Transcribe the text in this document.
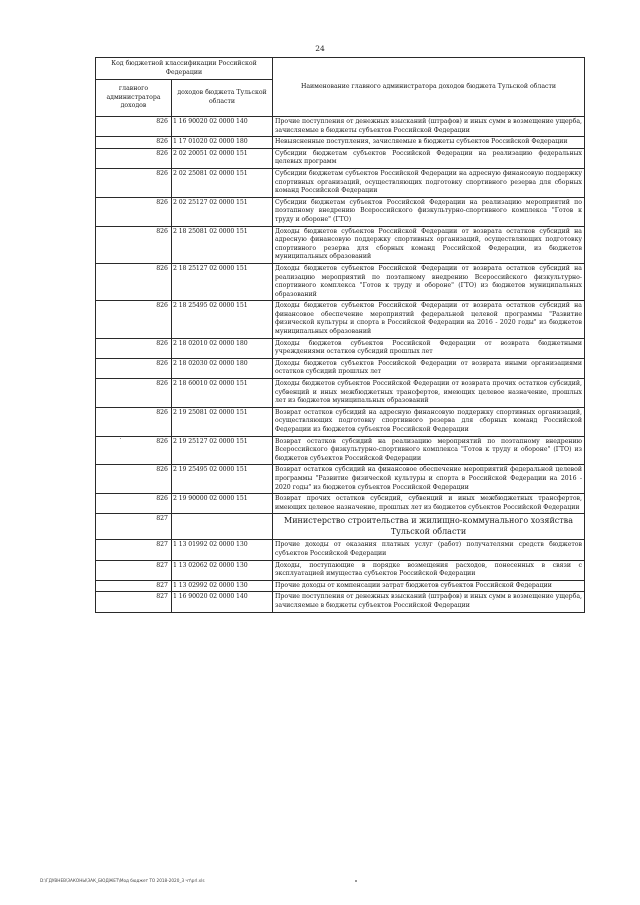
24
Код бюджетной классификации Российской Федерации		Наименование главного администратора доходов бюджета Тульской области
главного администратора доходов	доходов бюджета Тульской области	
826	1 16 90020 02 0000 140	Прочие поступления от денежных взысканий (штрафов) и иных сумм в возмещение ущерба, зачисляемые в бюджеты субъектов Российской Федерации
826	1 17 01020 02 0000 180	Невыясненные поступления, зачисляемые в бюджеты субъектов Российской Федерации
826	2 02 20051 02 0000 151	Субсидии бюджетам субъектов Российской Федерации на реализацию федеральных целевых программ
826	2 02 25081 02 0000 151	Субсидии бюджетам субъектов Российской Федерации на адресную финансовую поддержку спортивных организаций, осуществляющих подготовку спортивного резерва для сборных команд Российской Федерации
826	2 02 25127 02 0000 151	Субсидии бюджетам субъектов Российской Федерации на реализацию мероприятий по поэтапному внедрению Всероссийского физкультурно-спортивного комплекса "Готов к труду и обороне" (ГТО)
826	2 18 25081 02 0000 151	Доходы бюджетов субъектов Российской Федерации от возврата остатков субсидий на адресную финансовую поддержку спортивных организаций, осуществляющих подготовку спортивного резерва для сборных команд Российской Федерации, из бюджетов муниципальных образований
826	2 18 25127 02 0000 151	Доходы бюджетов субъектов Российской Федерации от возврата остатков субсидий на реализацию мероприятий по поэтапному внедрению Всероссийского физкультурно-спортивного комплекса "Готов к труду и обороне" (ГТО) из бюджетов муниципальных образований
826	2 18 25495 02 0000 151	Доходы бюджетов субъектов Российской Федерации от возврата остатков субсидий на финансовое обеспечение мероприятий федеральной целевой программы "Развитие физической культуры и спорта в Российской Федерации на 2016 - 2020 годы" из бюджетов муниципальных образований
826	2 18 02010 02 0000 180	Доходы бюджетов субъектов Российской Федерации от возврата бюджетными учреждениями остатков субсидий прошлых лет
826	2 18 02030 02 0000 180	Доходы бюджетов субъектов Российской Федерации от возврата иными организациями остатков субсидий прошлых лет
826	2 18 60010 02 0000 151	Доходы бюджетов субъектов Российской Федерации от возврата прочих остатков субсидий, субвенций и иных межбюджетных трансфертов, имеющих целевое назначение, прошлых лет из бюджетов муниципальных образований
826	2 19 25081 02 0000 151	Возврат остатков субсидий на адресную финансовую поддержку спортивных организаций, осуществляющих подготовку спортивного резерва для сборных команд Российской Федерации из бюджетов субъектов Российской Федерации
826	2 19 25127 02 0000 151	Возврат остатков субсидий на реализацию мероприятий по поэтапному внедрению Всероссийского физкультурно-спортивного комплекса "Готов к труду и обороне" (ГТО) из бюджетов субъектов Российской Федерации
826	2 19 25495 02 0000 151	Возврат остатков субсидий на финансовое обеспечение мероприятий федеральной целевой программы "Развитие физической культуры и спорта в Российской Федерации на 2016 - 2020 годы" из бюджетов субъектов Российской Федерации
826	2 19 90000 02 0000 151	Возврат прочих остатков субсидий, субвенций и иных межбюджетных трансфертов, имеющих целевое назначение, прошлых лет из бюджетов субъектов Российской Федерации
827		Министерство строительства и жилищно-коммунального хозяйства Тульской области
827	1 13 01992 02 0000 130	Прочие доходы от оказания платных услуг (работ) получателями средств бюджетов субъектов Российской Федерации
827	1 13 02062 02 0000 130	Доходы, поступающие в порядке возмещения расходов, понесенных в связи с эксплуатацией имущества субъектов Российской Федерации
827	1 13 02992 02 0000 130	Прочие доходы от компенсации затрат бюджетов субъектов Российской Федерации
827	1 16 90020 02 0000 140	Прочие поступления от денежных взысканий (штрафов) и иных сумм в возмещение ущерба, зачисляемые в бюджеты субъектов Российской Федерации
D:\ГДУВНЕВ\ЗАКОНЫ\ЗАК_БЮДЖЕТ\Мод бюджет ТО 2018-2020_3 чт\рrl.xls
